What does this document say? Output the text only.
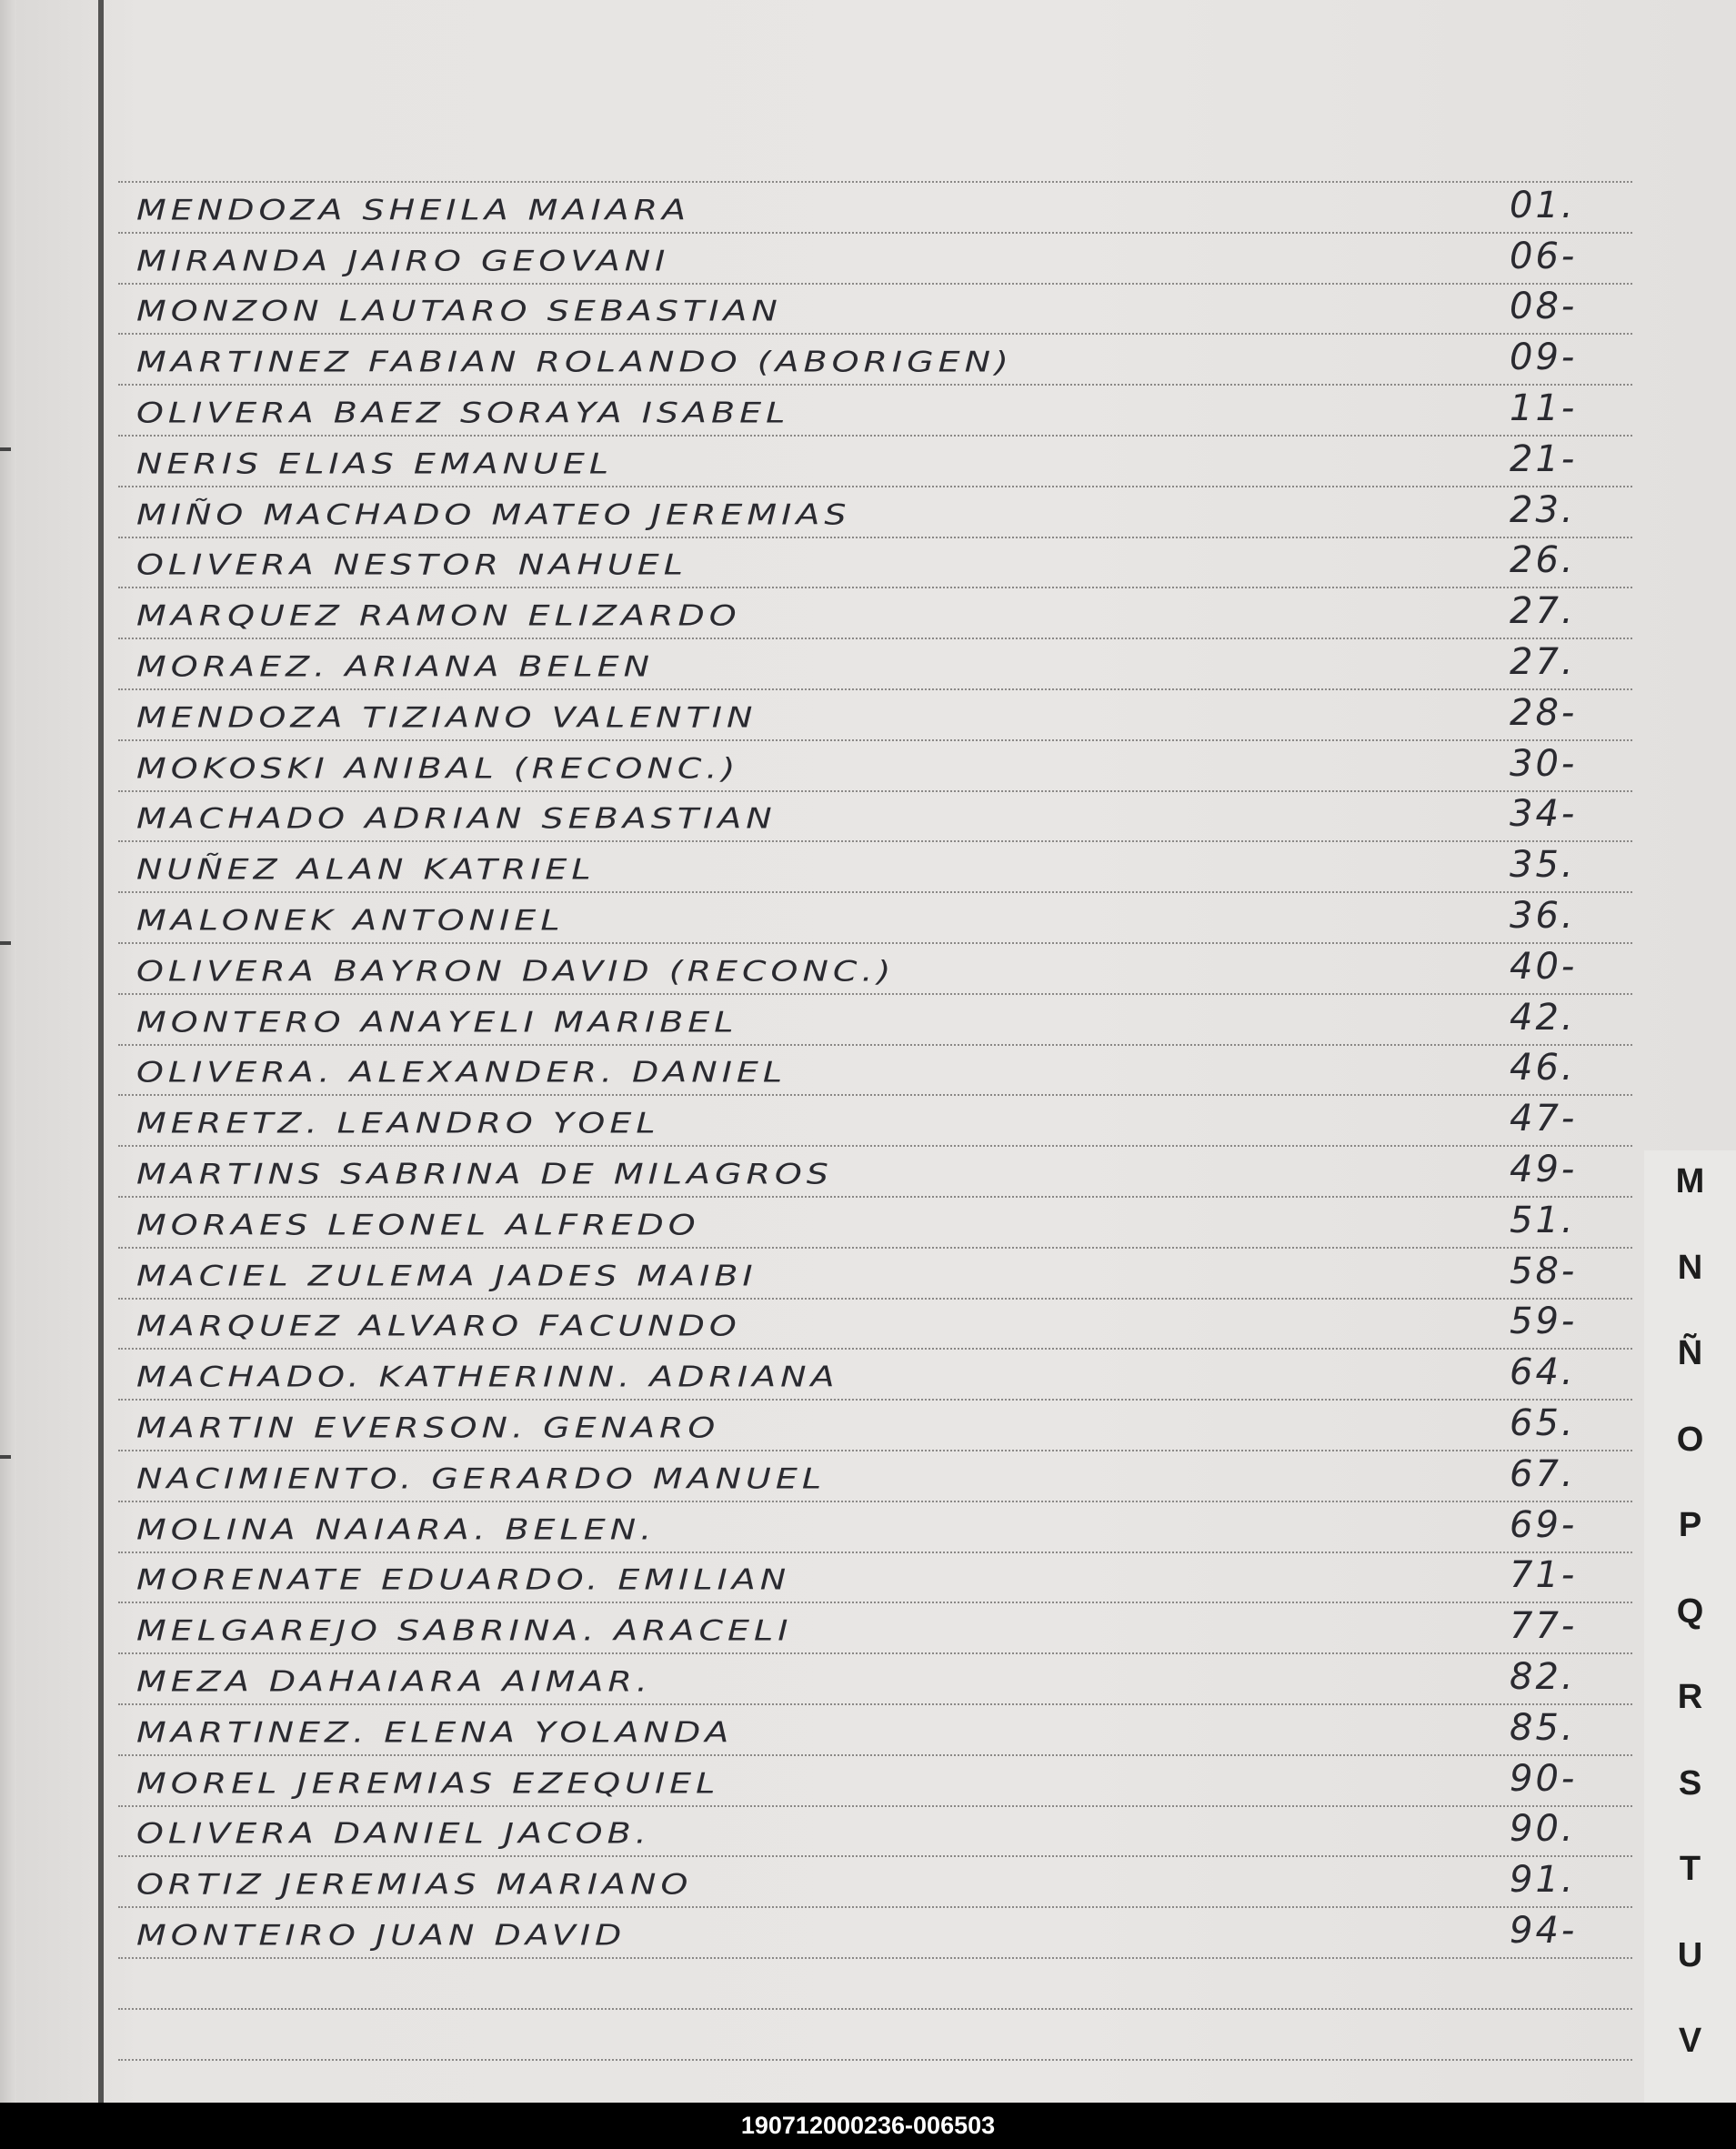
MENDOZA SHEILA MAIARA	01.
MIRANDA JAIRO GEOVANI	06-
MONZON LAUTARO SEBASTIAN	08-
MARTINEZ FABIAN ROLANDO (ABORIGEN)	09-
OLIVERA BAEZ SORAYA ISABEL	11-
NERIS ELIAS EMANUEL	21-
MIÑO MACHADO MATEO JEREMIAS	23.
OLIVERA NESTOR NAHUEL	26.
MARQUEZ RAMON ELIZARDO	27.
MORAEZ. ARIANA BELEN	27.
MENDOZA TIZIANO VALENTIN	28-
MOKOSKI ANIBAL (RECONC.)	30-
MACHADO ADRIAN SEBASTIAN	34-
NUÑEZ ALAN KATRIEL	35.
MALONEK ANTONIEL	36.
OLIVERA BAYRON DAVID (RECONC.)	40-
MONTERO ANAYELI MARIBEL	42.
OLIVERA. ALEXANDER. DANIEL	46.
MERETZ. LEANDRO YOEL	47-
MARTINS SABRINA DE MILAGROS	49-
MORAES LEONEL ALFREDO	51.
MACIEL ZULEMA JADES MAIBI	58-
MARQUEZ ALVARO FACUNDO	59-
MACHADO. KATHERINN. ADRIANA	64.
MARTIN EVERSON. GENARO	65.
NACIMIENTO. GERARDO MANUEL	67.
MOLINA NAIARA. BELEN.	69-
MORENATE EDUARDO. EMILIAN	71-
MELGAREJO SABRINA. ARACELI	77-
MEZA DAHAIARA AIMAR.	82.
MARTINEZ. ELENA YOLANDA	85.
MOREL JEREMIAS EZEQUIEL	90-
OLIVERA DANIEL JACOB.	90.
ORTIZ JEREMIAS MARIANO	91.
MONTEIRO JUAN DAVID	94-
M
N
Ñ
O
P
Q
R
S
T
U
V
190712000236-006503
